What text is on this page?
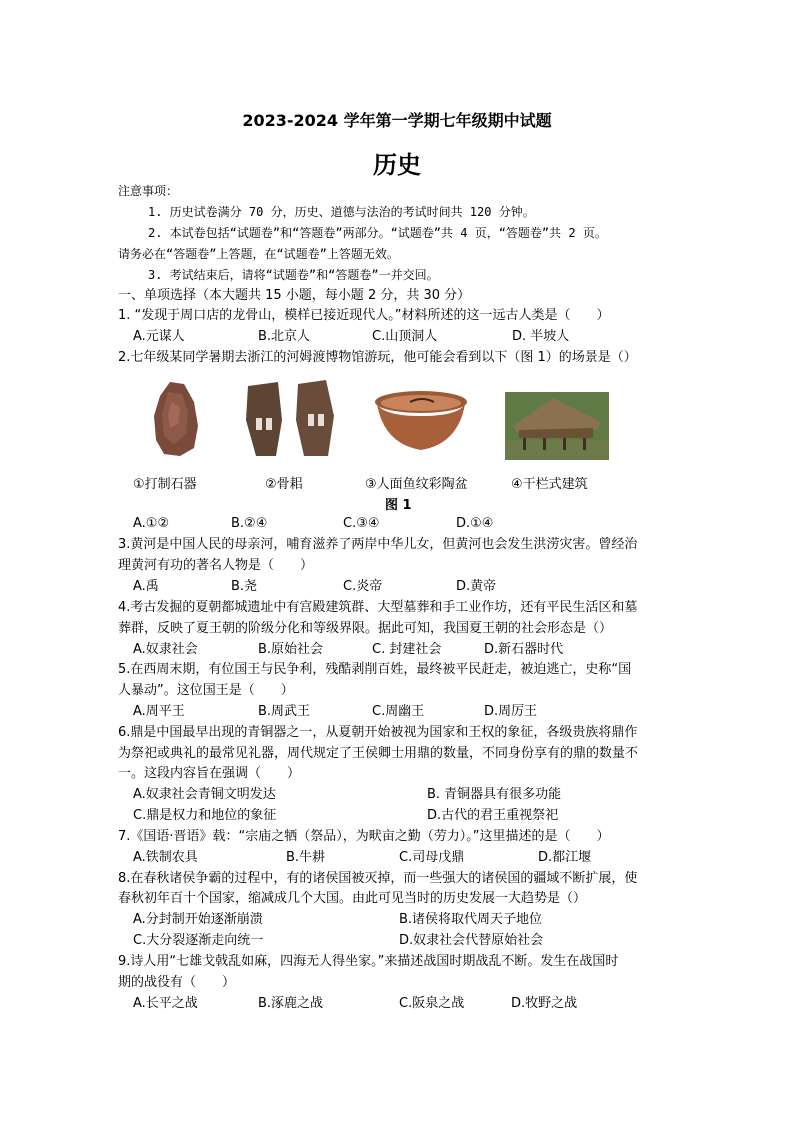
2023-2024 学年第一学期七年级期中试题
历史
注意事项：
1. 历史试卷满分 70 分，历史、道德与法治的考试时间共 120 分钟。
2. 本试卷包括“试题卷”和“答题卷”两部分。“试题卷”共 4 页，“答题卷”共 2 页。
请务必在“答题卷”上答题，在“试题卷”上答题无效。
3. 考试结束后，请将“试题卷”和“答题卷”一并交回。
一、单项选择（本大题共 15 小题，每小题 2 分，共 30 分）
1. “发现于周口店的龙骨山，模样已接近现代人。”材料所述的这一远古人类是（　　）
A.元谋人	B.北京人	C.山顶洞人	D. 半坡人
2.七年级某同学暑期去浙江的河姆渡博物馆游玩，他可能会看到以下（图 1）的场景是（）
①打制石器	②骨耜	③人面鱼纹彩陶盆	④干栏式建筑
图 1
A.①②	B.②④	C.③④	D.①④
3.黄河是中国人民的母亲河，哺育滋养了两岸中华儿女，但黄河也会发生洪涝灾害。曾经治
理黄河有功的著名人物是（　　）
A.禹	B.尧	C.炎帝	D.黄帝
4.考古发掘的夏朝都城遗址中有宫殿建筑群、大型墓葬和手工业作坊，还有平民生活区和墓
葬群，反映了夏王朝的阶级分化和等级界限。据此可知，我国夏王朝的社会形态是（）
A.奴隶社会	B.原始社会	C. 封建社会	D.新石器时代
5.在西周末期，有位国王与民争利，残酷剥削百姓，最终被平民赶走，被迫逃亡，史称“国
人暴动”。这位国王是（　　）
A.周平王	B.周武王	C.周幽王	D.周厉王
6.鼎是中国最早出现的青铜器之一，从夏朝开始被视为国家和王权的象征，各级贵族将鼎作
为祭祀或典礼的最常见礼器，周代规定了王侯卿士用鼎的数量，不同身份享有的鼎的数量不
一。这段内容旨在强调（　　）
A.奴隶社会青铜文明发达	B. 青铜器具有很多功能
C.鼎是权力和地位的象征	D.古代的君王重视祭祀
7.《国语·晋语》载：“宗庙之牺（祭品），为畎亩之勤（劳力）。”这里描述的是（　　）
A.铁制农具	B.牛耕	C.司母戊鼎	D.都江堰
8.在春秋诸侯争霸的过程中，有的诸侯国被灭掉，而一些强大的诸侯国的疆域不断扩展，使
春秋初年百十个国家，缩减成几个大国。由此可见当时的历史发展一大趋势是（）
A.分封制开始逐渐崩溃	B.诸侯将取代周天子地位
C.大分裂逐渐走向统一	D.奴隶社会代替原始社会
9.诗人用“七雄戈戟乱如麻，四海无人得坐家。”来描述战国时期战乱不断。发生在战国时
期的战役有（　　）
A.长平之战	B.涿鹿之战	C.阪泉之战	D.牧野之战
